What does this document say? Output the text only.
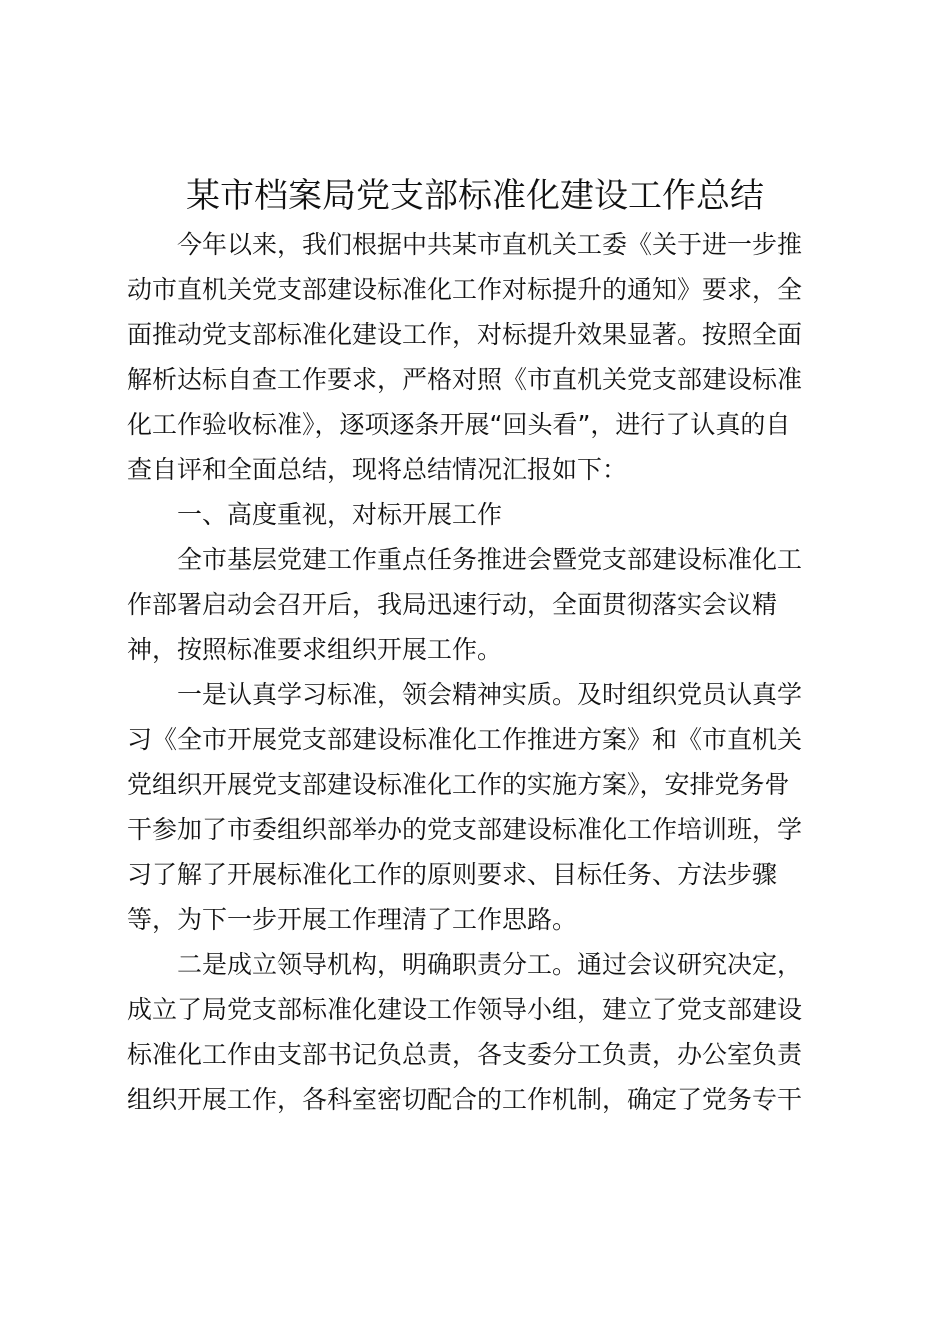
某市档案局党支部标准化建设工作总结
今年以来，我们根据中共某市直机关工委《关于进一步推
动市直机关党支部建设标准化工作对标提升的通知》要求，全
面推动党支部标准化建设工作，对标提升效果显著。按照全面
解析达标自查工作要求，严格对照《市直机关党支部建设标准
化工作验收标准》，逐项逐条开展“回头看”，进行了认真的自
查自评和全面总结，现将总结情况汇报如下：
一、高度重视，对标开展工作
全市基层党建工作重点任务推进会暨党支部建设标准化工
作部署启动会召开后，我局迅速行动，全面贯彻落实会议精
神，按照标准要求组织开展工作。
一是认真学习标准，领会精神实质。及时组织党员认真学
习《全市开展党支部建设标准化工作推进方案》和《市直机关
党组织开展党支部建设标准化工作的实施方案》，安排党务骨
干参加了市委组织部举办的党支部建设标准化工作培训班，学
习了解了开展标准化工作的原则要求、目标任务、方法步骤
等，为下一步开展工作理清了工作思路。
二是成立领导机构，明确职责分工。通过会议研究决定，
成立了局党支部标准化建设工作领导小组，建立了党支部建设
标准化工作由支部书记负总责，各支委分工负责，办公室负责
组织开展工作，各科室密切配合的工作机制，确定了党务专干
